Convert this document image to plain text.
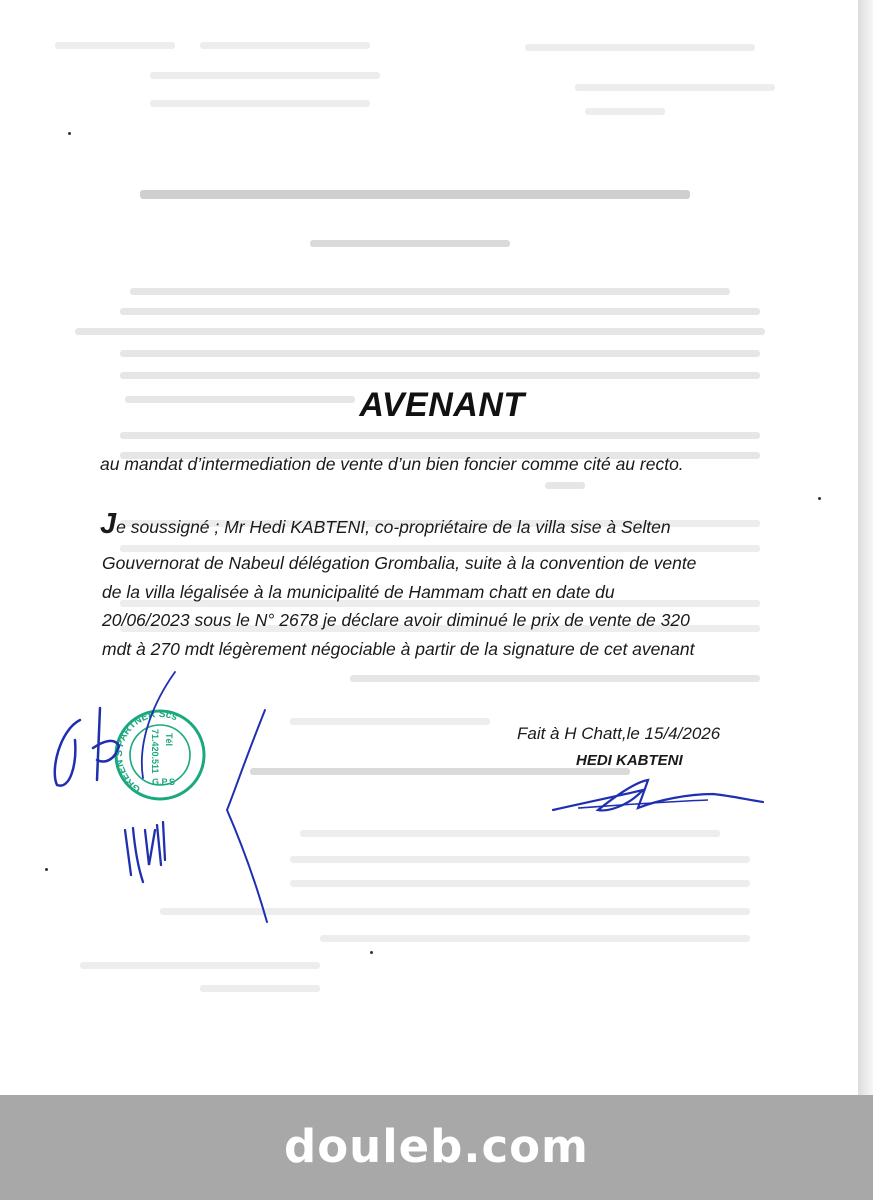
AVENANT
au mandat d’intermediation de vente d’un bien foncier comme cité au recto.
Je soussigné ; Mr Hedi KABTENI, co-propriétaire de la villa sise à Selten
Gouvernorat de Nabeul délégation Grombalia, suite à la convention de vente
de la villa légalisée à la municipalité de Hammam chatt en date du
20/06/2023 sous le N° 2678 je déclare avoir diminué le prix de vente de 320
mdt à 270 mdt légèrement négociable à partir de la signature de cet avenant
Fait à H Chatt,le 15/4/2026
HEDI KABTENI
GREEN'S PARTNER Scs
Tél
71.420.511
G.P.S
douleb.com
